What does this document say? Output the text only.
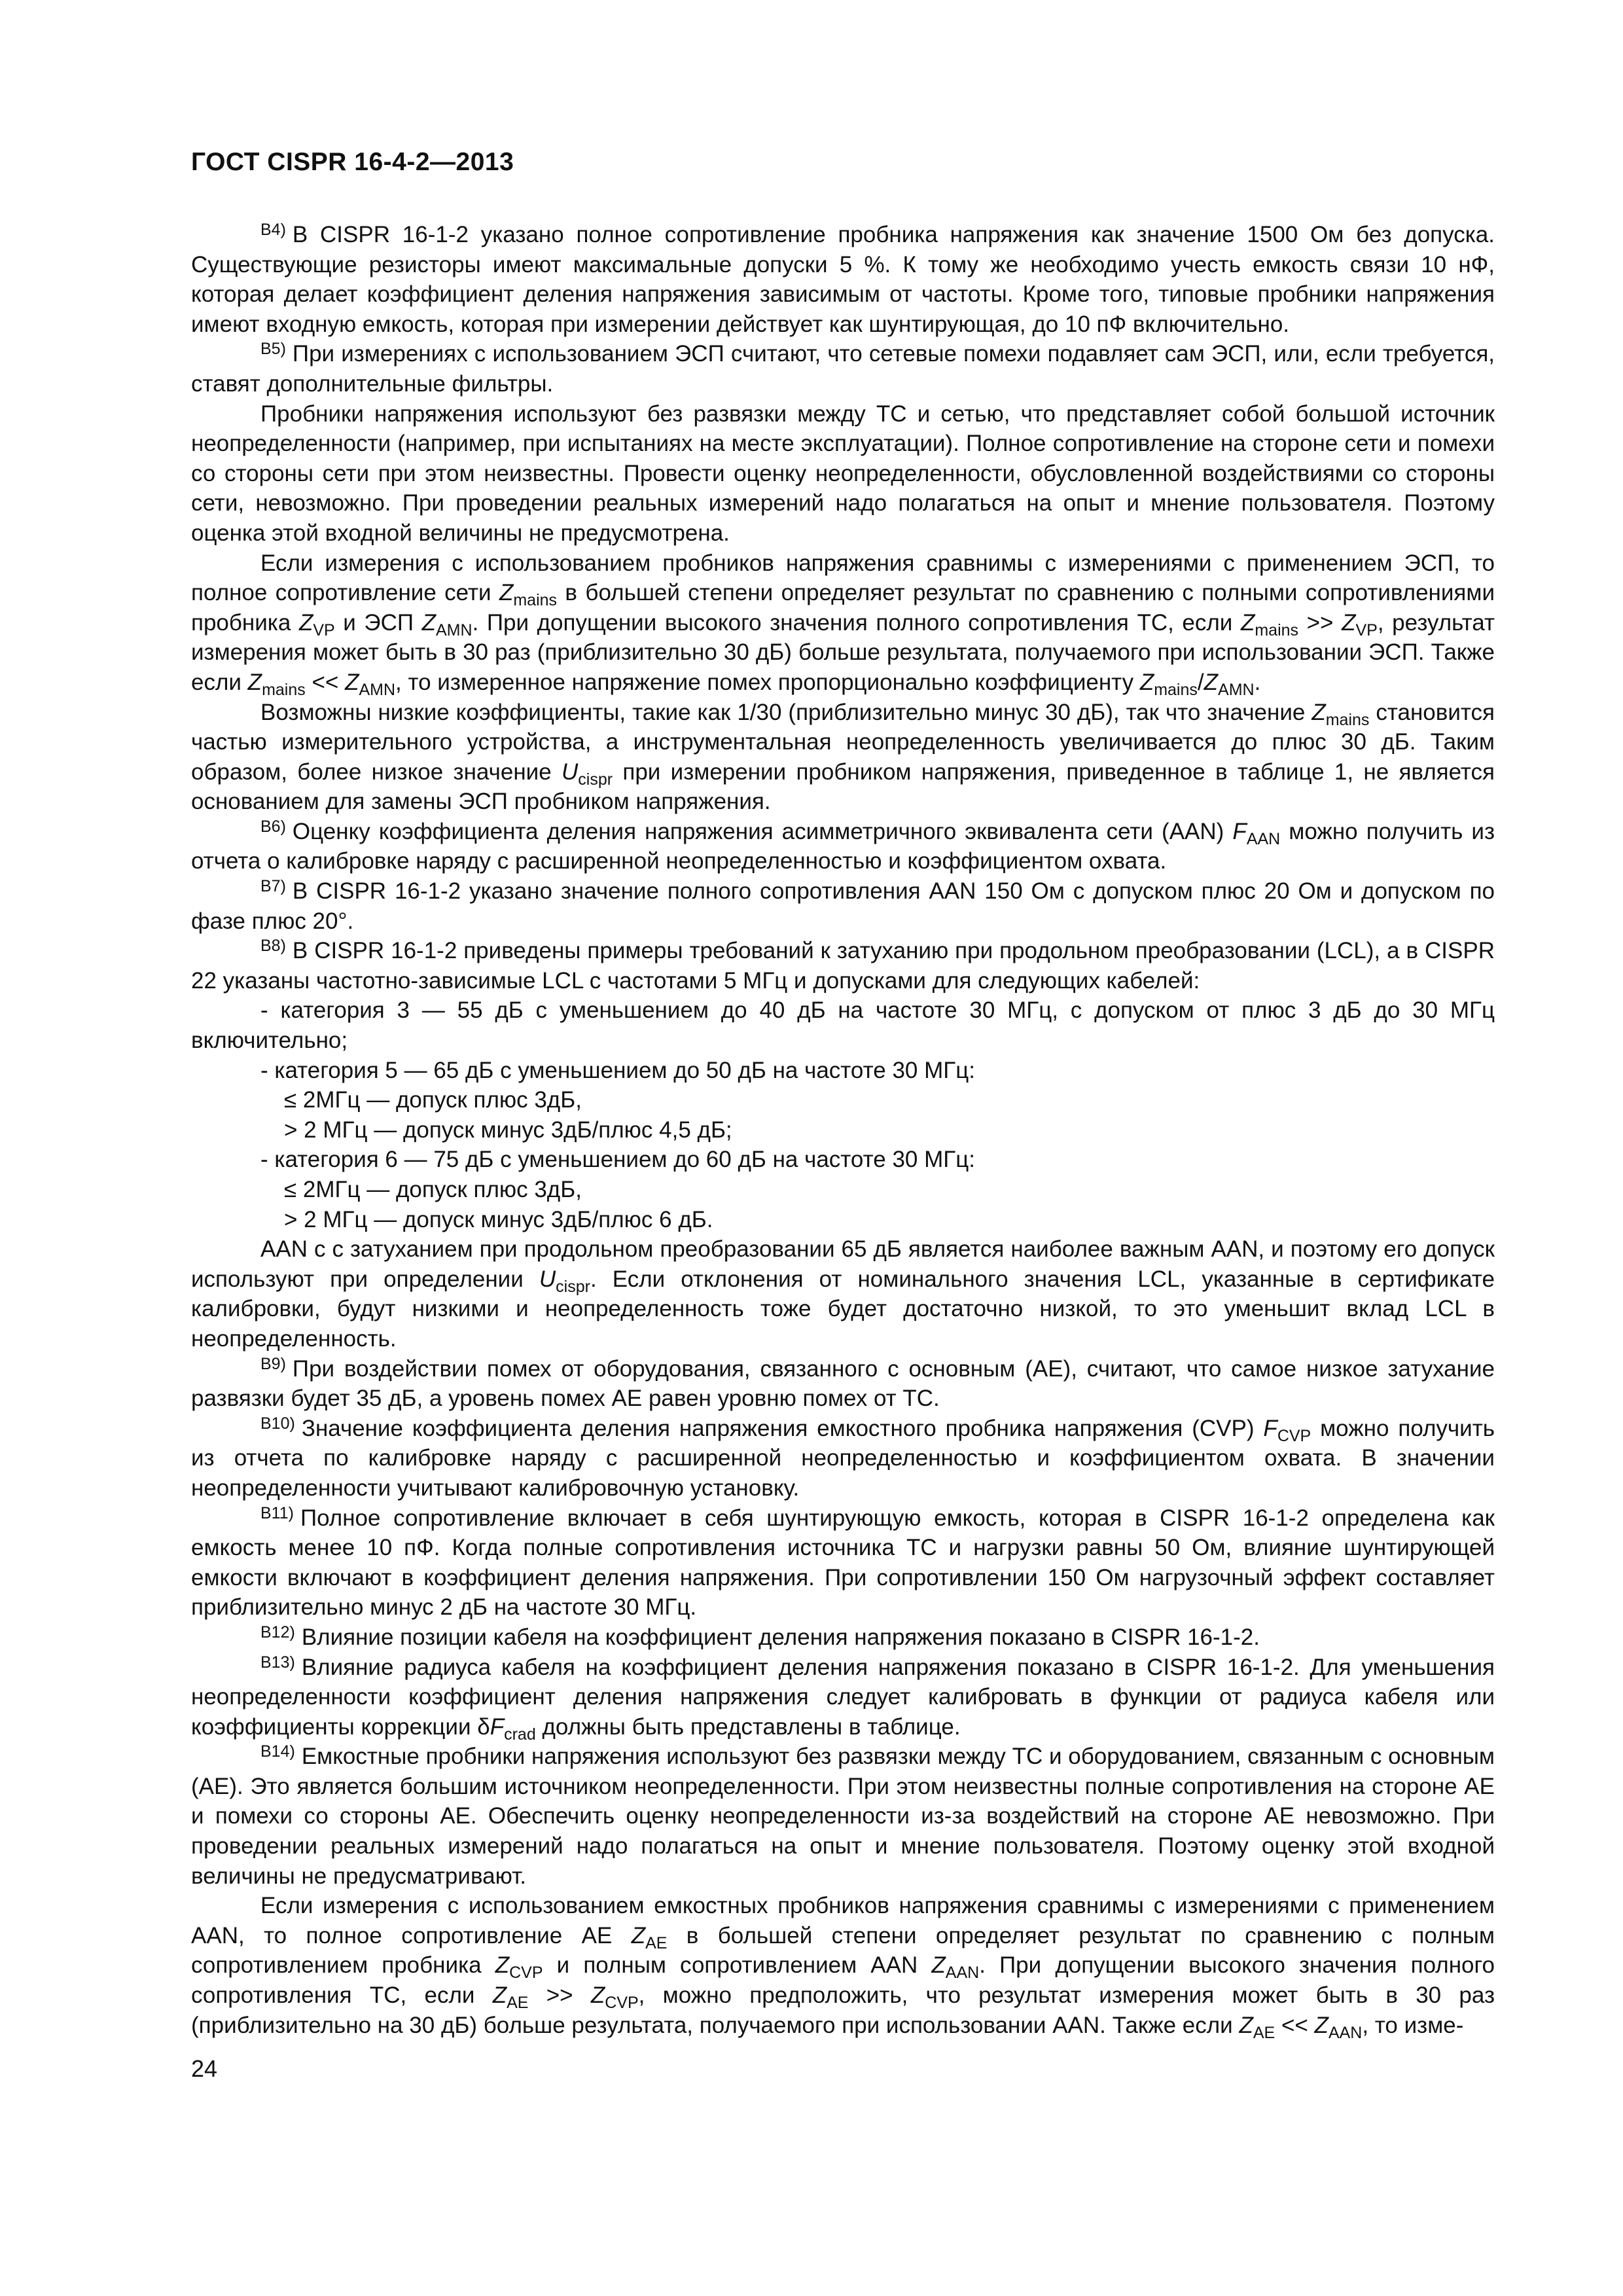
ГОСТ CISPR 16-4-2—2013

$^{В4)}$ В CISPR 16-1-2 указано полное сопротивление пробника напряжения как значение 1500 Ом без допуска. Существующие резисторы имеют максимальные допуски 5 %. К тому же необходимо учесть емкость связи 10 нФ, которая делает коэффициент деления напряжения зависимым от частоты. Кроме того, типовые пробники напряжения имеют входную емкость, которая при измерении действует как шунтирующая, до 10 пФ включительно.

$^{В5)}$ При измерениях с использованием ЭСП считают, что сетевые помехи подавляет сам ЭСП, или, если требуется, ставят дополнительные фильтры.

Пробники напряжения используют без развязки между ТС и сетью, что представляет собой большой источник неопределенности (например, при испытаниях на месте эксплуатации). Полное сопротивление на стороне сети и помехи со стороны сети при этом неизвестны. Провести оценку неопределенности, обусловленной воздействиями со стороны сети, невозможно. При проведении реальных измерений надо полагаться на опыт и мнение пользователя. Поэтому оценка этой входной величины не предусмотрена.

Если измерения с использованием пробников напряжения сравнимы с измерениями с применением ЭСП, то полное сопротивление сети $Z_{mains}$ в большей степени определяет результат по сравнению с полными сопротивлениями пробника $Z_{VP}$ и ЭСП $Z_{AMN}$. При допущении высокого значения полного сопротивления ТС, если $Z_{mains} >> Z_{VP}$, результат измерения может быть в 30 раз (приблизительно 30 дБ) больше результата, получаемого при использовании ЭСП. Также если $Z_{mains} << Z_{AMN}$, то измеренное напряжение помех пропорционально коэффициенту $Z_{mains}/Z_{AMN}$.

Возможны низкие коэффициенты, такие как 1/30 (приблизительно минус 30 дБ), так что значение $Z_{mains}$ становится частью измерительного устройства, а инструментальная неопределенность увеличивается до плюс 30 дБ. Таким образом, более низкое значение $U_{cispr}$ при измерении пробником напряжения, приведенное в таблице 1, не является основанием для замены ЭСП пробником напряжения.

$^{В6)}$ Оценку коэффициента деления напряжения асимметричного эквивалента сети (AAN) $F_{AAN}$ можно получить из отчета о калибровке наряду с расширенной неопределенностью и коэффициентом охвата.

$^{В7)}$ В CISPR 16-1-2 указано значение полного сопротивления AAN 150 Ом с допуском плюс 20 Ом и допуском по фазе плюс 20°.

$^{В8)}$ В CISPR 16-1-2 приведены примеры требований к затуханию при продольном преобразовании (LCL), а в CISPR 22 указаны частотно-зависимые LCL с частотами 5 МГц и допусками для следующих кабелей:

- категория 3 — 55 дБ с уменьшением до 40 дБ на частоте 30 МГц, с допуском от плюс 3 дБ до 30 МГц включительно;

- категория 5 — 65 дБ с уменьшением до 50 дБ на частоте 30 МГц:

≤ 2МГц — допуск плюс 3дБ,

> 2 МГц — допуск минус 3дБ/плюс 4,5 дБ;

- категория 6 — 75 дБ с уменьшением до 60 дБ на частоте 30 МГц:

≤ 2МГц — допуск плюс 3дБ,

> 2 МГц — допуск минус 3дБ/плюс 6 дБ.

AAN с с затуханием при продольном преобразовании 65 дБ является наиболее важным AAN, и поэтому его допуск используют при определении $U_{cispr}$. Если отклонения от номинального значения LCL, указанные в сертификате калибровки, будут низкими и неопределенность тоже будет достаточно низкой, то это уменьшит вклад LCL в неопределенность.

$^{В9)}$ При воздействии помех от оборудования, связанного с основным (АЕ), считают, что самое низкое затухание развязки будет 35 дБ, а уровень помех АЕ равен уровню помех от ТС.

$^{В10)}$ Значение коэффициента деления напряжения емкостного пробника напряжения (CVP) $F_{CVP}$ можно получить из отчета по калибровке наряду с расширенной неопределенностью и коэффициентом охвата. В значении неопределенности учитывают калибровочную установку.

$^{В11)}$ Полное сопротивление включает в себя шунтирующую емкость, которая в CISPR 16-1-2 определена как емкость менее 10 пФ. Когда полные сопротивления источника ТС и нагрузки равны 50 Ом, влияние шунтирующей емкости включают в коэффициент деления напряжения. При сопротивлении 150 Ом нагрузочный эффект составляет приблизительно минус 2 дБ на частоте 30 МГц.

$^{В12)}$ Влияние позиции кабеля на коэффициент деления напряжения показано в CISPR 16-1-2.

$^{В13)}$ Влияние радиуса кабеля на коэффициент деления напряжения показано в CISPR 16-1-2. Для уменьшения неопределенности коэффициент деления напряжения следует калибровать в функции от радиуса кабеля или коэффициенты коррекции $\delta F_{crad}$ должны быть представлены в таблице.

$^{В14)}$ Емкостные пробники напряжения используют без развязки между ТС и оборудованием, связанным с основным (АЕ). Это является большим источником неопределенности. При этом неизвестны полные сопротивления на стороне АЕ и помехи со стороны АЕ. Обеспечить оценку неопределенности из-за воздействий на стороне АЕ невозможно. При проведении реальных измерений надо полагаться на опыт и мнение пользователя. Поэтому оценку этой входной величины не предусматривают.

Если измерения с использованием емкостных пробников напряжения сравнимы с измерениями с применением AAN, то полное сопротивление АЕ $Z_{AE}$ в большей степени определяет результат по сравнению с полным сопротивлением пробника $Z_{CVP}$ и полным сопротивлением AAN $Z_{AAN}$. При допущении высокого значения полного сопротивления ТС, если $Z_{AE} >> Z_{CVP}$, можно предположить, что результат измерения может быть в 30 раз (приблизительно на 30 дБ) больше результата, получаемого при использовании AAN. Также если $Z_{AE} << Z_{AAN}$, то изме-

24
